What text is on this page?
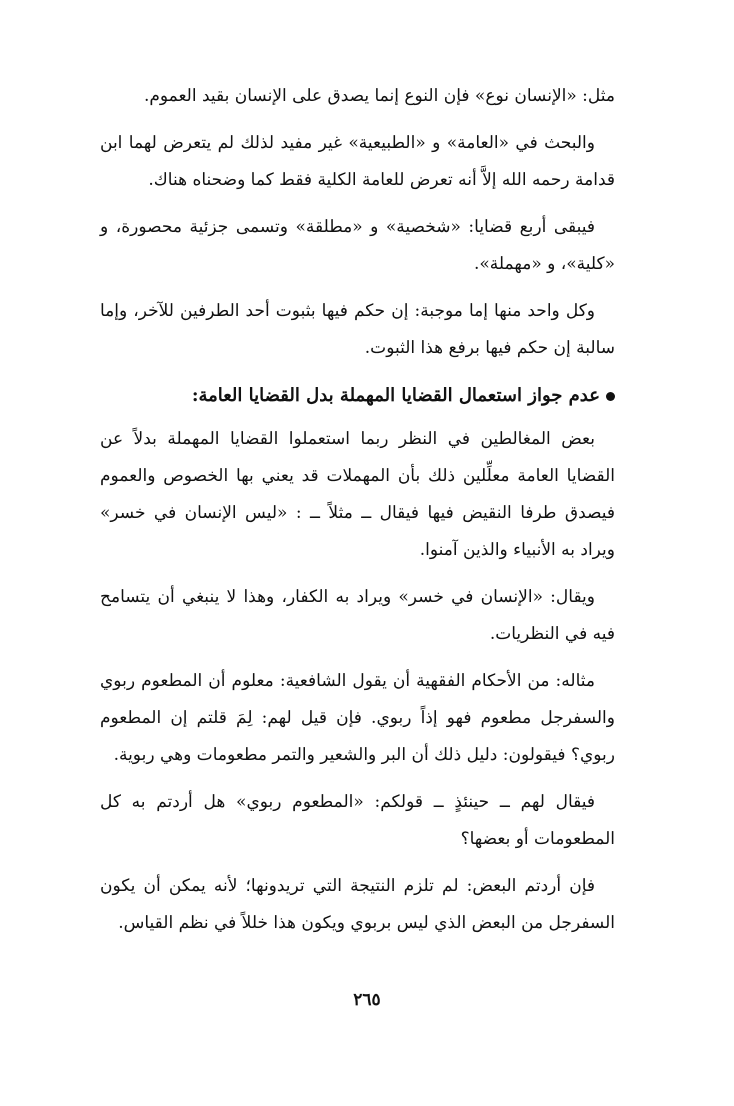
مثل: «الإنسان نوع» فإن النوع إنما يصدق على الإنسان بقيد العموم.

والبحث في «العامة» و «الطبيعية» غير مفيد لذلك لم يتعرض لهما ابن قدامة رحمه الله إلاَّ أنه تعرض للعامة الكلية فقط كما وضحناه هناك.

فيبقى أربع قضايا: «شخصية» و «مطلقة» وتسمى جزئية محصورة، و «كلية»، و «مهملة».

وكل واحد منها إما موجبة: إن حكم فيها بثبوت أحد الطرفين للآخر، وإما سالبة إن حكم فيها برفع هذا الثبوت.

عدم جواز استعمال القضايا المهملة بدل القضايا العامة:

بعض المغالطين في النظر ربما استعملوا القضايا المهملة بدلاً عن القضايا العامة معلِّلين ذلك بأن المهملات قد يعني بها الخصوص والعموم فيصدق طرفا النقيض فيها فيقال ــ مثلاً ــ : «ليس الإنسان في خسر» ويراد به الأنبياء والذين آمنوا.

ويقال: «الإنسان في خسر» ويراد به الكفار، وهذا لا ينبغي أن يتسامح فيه في النظريات.

مثاله: من الأحكام الفقهية أن يقول الشافعية: معلوم أن المطعوم ربوي والسفرجل مطعوم فهو إذاً ربوي. فإن قيل لهم: لِمَ قلتم إن المطعوم ربوي؟ فيقولون: دليل ذلك أن البر والشعير والتمر مطعومات وهي ربوية.

فيقال لهم ــ حينئذٍ ــ قولكم: «المطعوم ربوي» هل أردتم به كل المطعومات أو بعضها؟

فإن أردتم البعض: لم تلزم النتيجة التي تريدونها؛ لأنه يمكن أن يكون السفرجل من البعض الذي ليس بربوي ويكون هذا خللاً في نظم القياس.

٢٦٥
